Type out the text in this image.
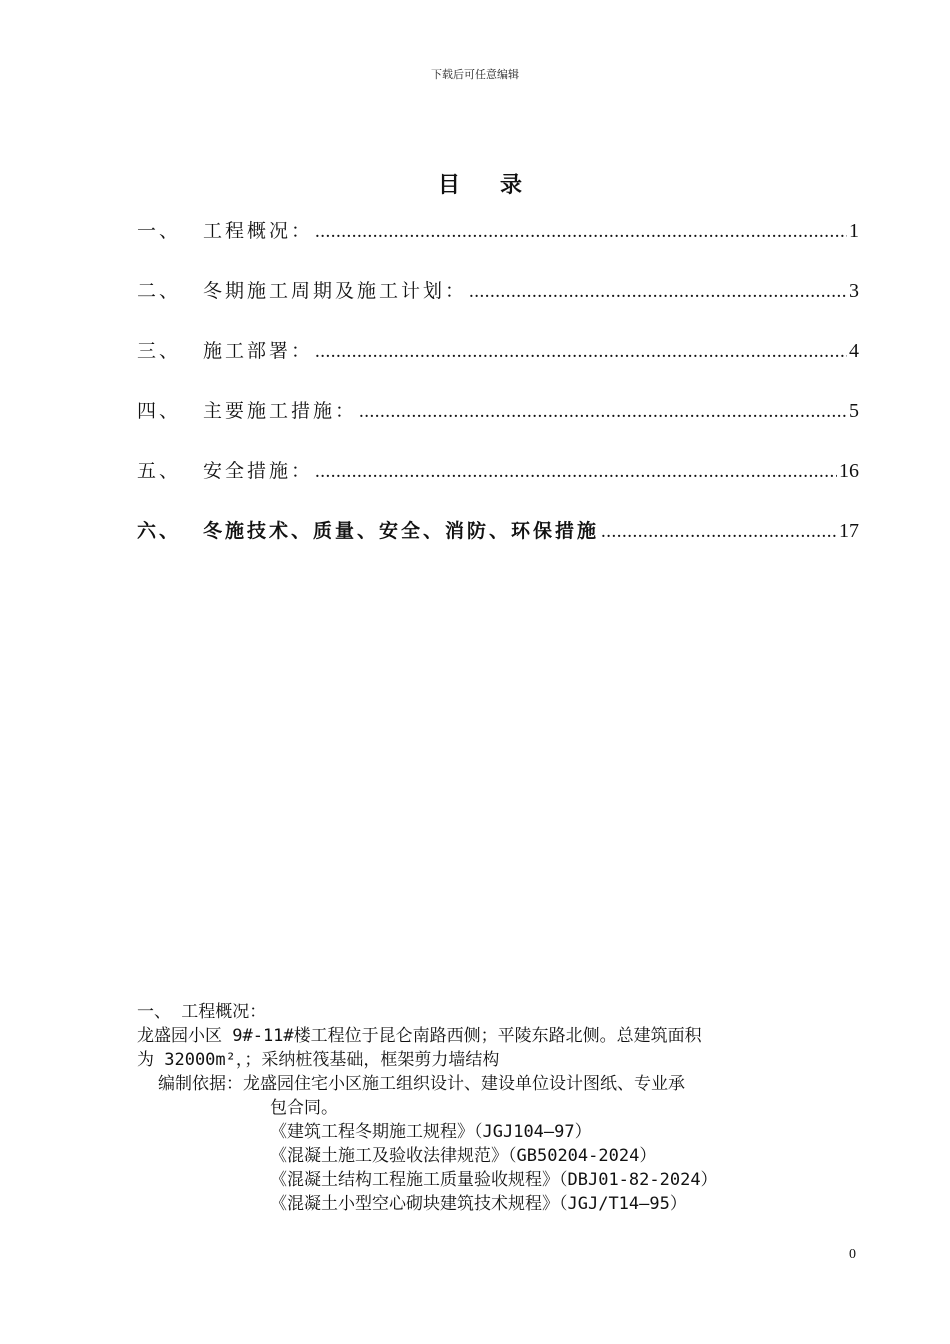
下载后可任意编辑
目录
一、	工程概况： .....	1
二、	冬期施工周期及施工计划： .....	3
三、	施工部署： .....	4
四、	主要施工措施： .....	5
五、	安全措施： .....	16
六、	冬施技术、质量、安全、消防、环保措施 .....	17
一、 工程概况：
龙盛园小区 9#-11#楼工程位于昆仑南路西侧；平陵东路北侧。总建筑面积
为 32000m²，；采纳桩筏基础，框架剪力墙结构
编制依据：龙盛园住宅小区施工组织设计、建设单位设计图纸、专业承
包合同。
《建筑工程冬期施工规程》（JGJ104—97）
《混凝土施工及验收法律规范》（GB50204-2024）
《混凝土结构工程施工质量验收规程》（DBJ01-82-2024）
《混凝土小型空心砌块建筑技术规程》（JGJ/T14—95）
0
